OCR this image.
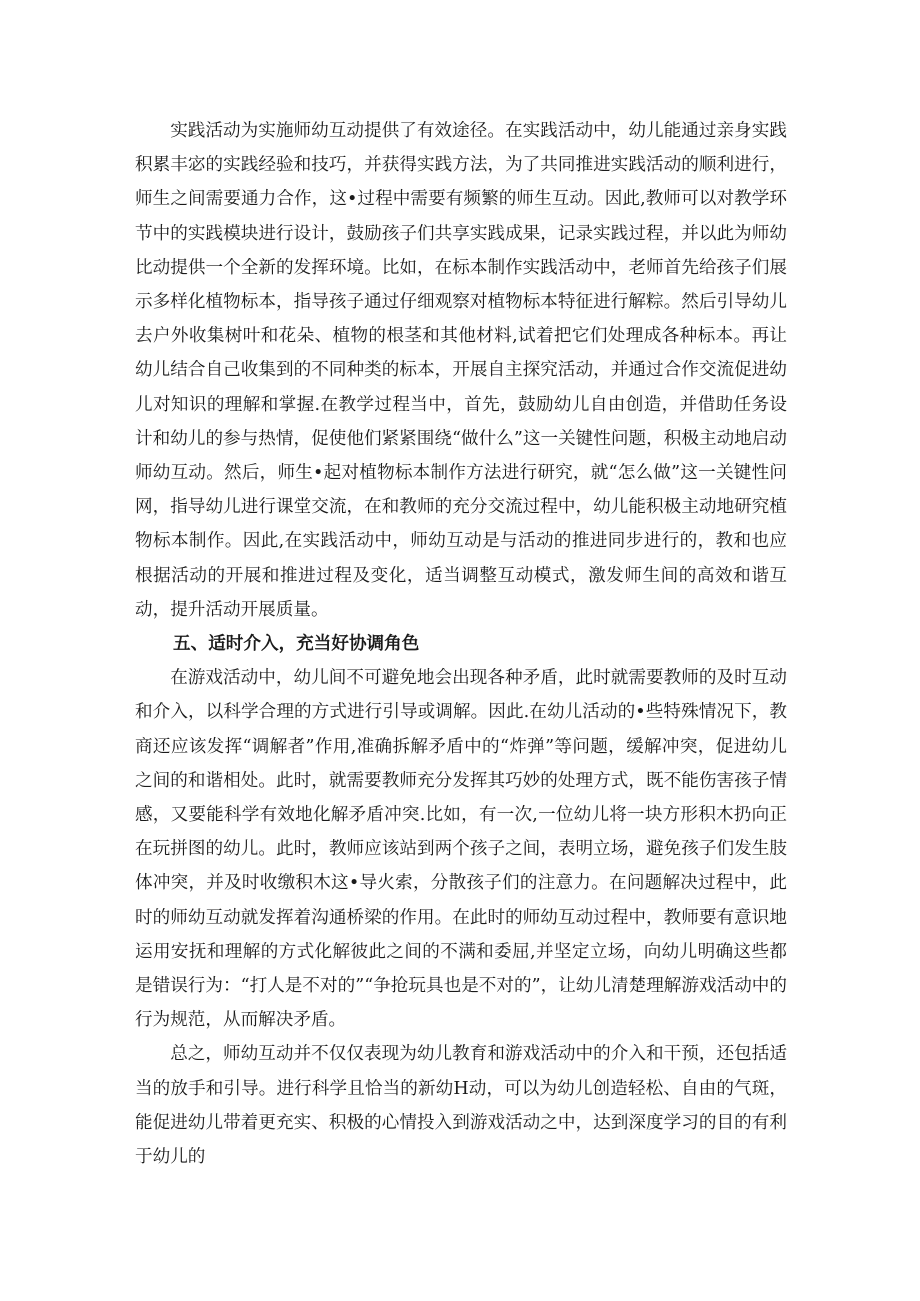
实践活动为实施师幼互动提供了有效途径。在实践活动中，幼儿能通过亲身实践积累丰宓的实践经验和技巧，并获得实践方法，为了共同推进实践活动的顺利进行，师生之间需要通力合作，这•过程中需要有频繁的师生互动。因此,教师可以对教学环节中的实践模块进行设计，鼓励孩子们共享实践成果，记录实践过程，并以此为师幼比动提供一个全新的发挥环境。比如，在标本制作实践活动中，老师首先给孩子们展示多样化植物标本，指导孩子通过仔细观察对植物标本特征进行解粽。然后引导幼儿去户外收集树叶和花朵、植物的根茎和其他材料,试着把它们处理成各种标本。再让幼儿结合自己收集到的不同种类的标本，开展自主探究活动，并通过合作交流促进幼儿对知识的理解和掌握.在教学过程当中，首先，鼓励幼儿自由创造，并借助任务设计和幼儿的参与热情，促使他们紧紧围绕“做什么”这一关键性问题，积极主动地启动师幼互动。然后，师生•起对植物标本制作方法进行研究，就“怎么做”这一关键性问网，指导幼儿进行课堂交流，在和教师的充分交流过程中，幼儿能积极主动地研究植物标本制作。因此,在实践活动中，师幼互动是与活动的推进同步进行的，教和也应根据活动的开展和推进过程及变化，适当调整互动模式，激发师生间的高效和谐互动，提升活动开展质量。

五、适时介入，充当好协调角色

在游戏活动中，幼儿间不可避免地会出现各种矛盾，此时就需要教师的及时互动和介入，以科学合理的方式进行引导或调解。因此.在幼儿活动的•些特殊情况下，教商还应该发挥“调解者”作用,准确拆解矛盾中的“炸弹”等问题，缓解冲突，促进幼儿之间的和谐相处。此时，就需要教师充分发挥其巧妙的处理方式，既不能伤害孩子情感，又要能科学有效地化解矛盾冲突.比如，有一次,一位幼儿将一块方形积木扔向正在玩拼图的幼儿。此时，教师应该站到两个孩子之间，表明立场，避免孩子们发生肢体冲突，并及时收缴积木这•导火索，分散孩子们的注意力。在问题解决过程中，此时的师幼互动就发挥着沟通桥梁的作用。在此时的师幼互动过程中，教师要有意识地运用安抚和理解的方式化解彼此之间的不满和委屈,并坚定立场，向幼儿明确这些都是错误行为：“打人是不对的”“争抢玩具也是不对的”，让幼儿清楚理解游戏活动中的行为规范，从而解决矛盾。

总之，师幼互动并不仅仅表现为幼儿教育和游戏活动中的介入和干预，还包括适当的放手和引导。进行科学且恰当的新幼H动，可以为幼儿创造轻松、自由的气斑，能促进幼儿带着更充实、积极的心情投入到游戏活动之中，达到深度学习的目的有利于幼儿的
